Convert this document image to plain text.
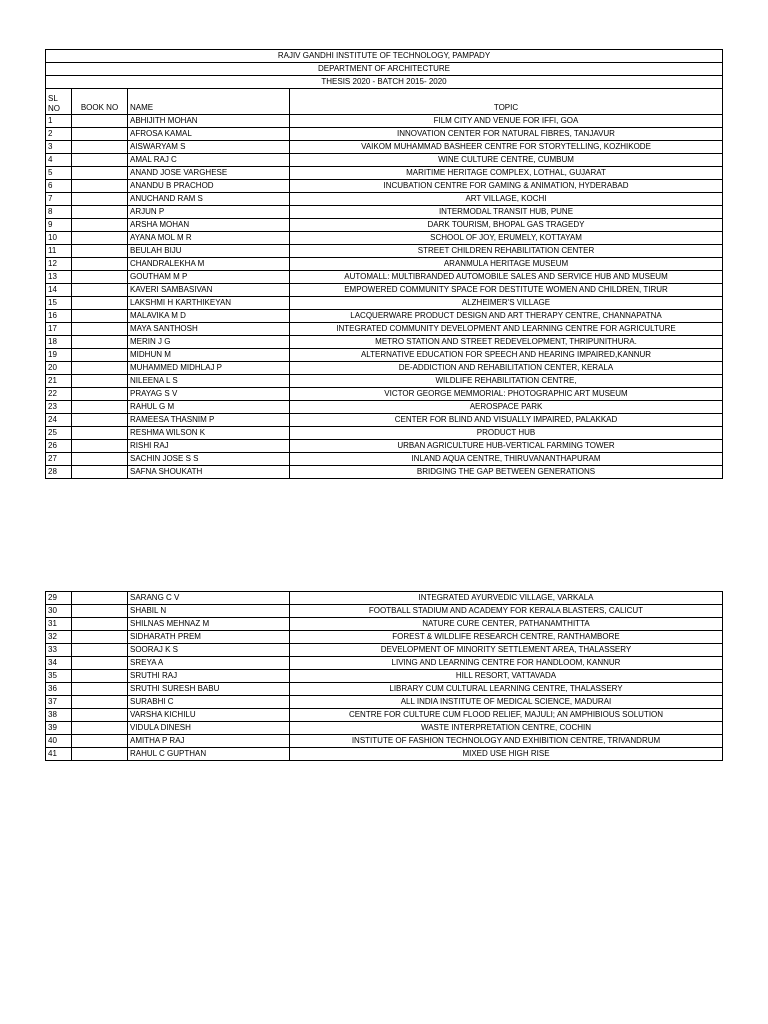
RAJIV GANDHI INSTITUTE OF TECHNOLOGY, PAMPADY			
DEPARTMENT OF ARCHITECTURE			
THESIS 2020 - BATCH 2015- 2020			
SL
NO	BOOK NO	NAME	TOPIC
1		ABHIJITH MOHAN	FILM CITY AND VENUE FOR IFFI, GOA
2		AFROSA KAMAL	INNOVATION CENTER FOR NATURAL FIBRES, TANJAVUR
3		AISWARYAM S	VAIKOM MUHAMMAD BASHEER CENTRE FOR STORYTELLING, KOZHIKODE
4		AMAL RAJ C	WINE CULTURE CENTRE, CUMBUM
5		ANAND JOSE VARGHESE	MARITIME HERITAGE COMPLEX, LOTHAL, GUJARAT
6		ANANDU B PRACHOD	INCUBATION CENTRE FOR GAMING & ANIMATION, HYDERABAD
7		ANUCHAND RAM S	ART VILLAGE, KOCHI
8		ARJUN P	INTERMODAL TRANSIT HUB, PUNE
9		ARSHA MOHAN	DARK TOURISM, BHOPAL GAS TRAGEDY
10		AYANA MOL M R	SCHOOL OF JOY, ERUMELY, KOTTAYAM
11		BEULAH BIJU	STREET CHILDREN REHABILITATION CENTER
12		CHANDRALEKHA M	ARANMULA HERITAGE MUSEUM
13		GOUTHAM M P	AUTOMALL: MULTIBRANDED AUTOMOBILE SALES AND SERVICE HUB AND MUSEUM
14		KAVERI SAMBASIVAN	EMPOWERED COMMUNITY SPACE FOR DESTITUTE WOMEN AND CHILDREN, TIRUR
15		LAKSHMI H KARTHIKEYAN	ALZHEIMER'S VILLAGE
16		MALAVIKA M D	LACQUERWARE PRODUCT DESIGN AND ART THERAPY CENTRE, CHANNAPATNA
17		MAYA SANTHOSH	INTEGRATED COMMUNITY DEVELOPMENT AND LEARNING CENTRE FOR AGRICULTURE
18		MERIN J G	METRO STATION AND STREET REDEVELOPMENT, THRIPUNITHURA.
19		MIDHUN M	ALTERNATIVE EDUCATION FOR SPEECH AND HEARING IMPAIRED,KANNUR
20		MUHAMMED MIDHLAJ P	DE-ADDICTION AND REHABILITATION CENTER, KERALA
21		NILEENA L S	WILDLIFE REHABILITATION CENTRE,
22		PRAYAG S V	VICTOR GEORGE MEMMORIAL: PHOTOGRAPHIC ART MUSEUM
23		RAHUL G M	AEROSPACE PARK
24		RAMEESA THASNIM P	CENTER FOR BLIND AND VISUALLY IMPAIRED, PALAKKAD
25		RESHMA WILSON K	PRODUCT HUB
26		RISHI RAJ	URBAN AGRICULTURE HUB-VERTICAL FARMING TOWER
27		SACHIN JOSE S S	INLAND AQUA CENTRE, THIRUVANANTHAPURAM
28		SAFNA SHOUKATH	BRIDGING THE GAP BETWEEN GENERATIONS
29		SARANG C V	INTEGRATED AYURVEDIC VILLAGE, VARKALA
30		SHABIL N	FOOTBALL STADIUM AND ACADEMY FOR KERALA BLASTERS, CALICUT
31		SHILNAS MEHNAZ M	NATURE CURE CENTER, PATHANAMTHITTA
32		SIDHARATH PREM	FOREST & WILDLIFE RESEARCH CENTRE, RANTHAMBORE
33		SOORAJ K S	DEVELOPMENT OF MINORITY SETTLEMENT AREA, THALASSERY
34		SREYA A	LIVING AND LEARNING CENTRE FOR HANDLOOM, KANNUR
35		SRUTHI RAJ	HILL RESORT, VATTAVADA
36		SRUTHI SURESH BABU	LIBRARY CUM CULTURAL LEARNING CENTRE, THALASSERY
37		SURABHI C	ALL INDIA INSTITUTE OF MEDICAL SCIENCE, MADURAI
38		VARSHA KICHILU	CENTRE FOR CULTURE CUM FLOOD RELIEF, MAJULI; AN AMPHIBIOUS SOLUTION
39		VIDULA DINESH	WASTE INTERPRETATION CENTRE, COCHIN
40		AMITHA P RAJ	INSTITUTE OF FASHION TECHNOLOGY AND EXHIBITION CENTRE, TRIVANDRUM
41		RAHUL C GUPTHAN	MIXED USE HIGH RISE
